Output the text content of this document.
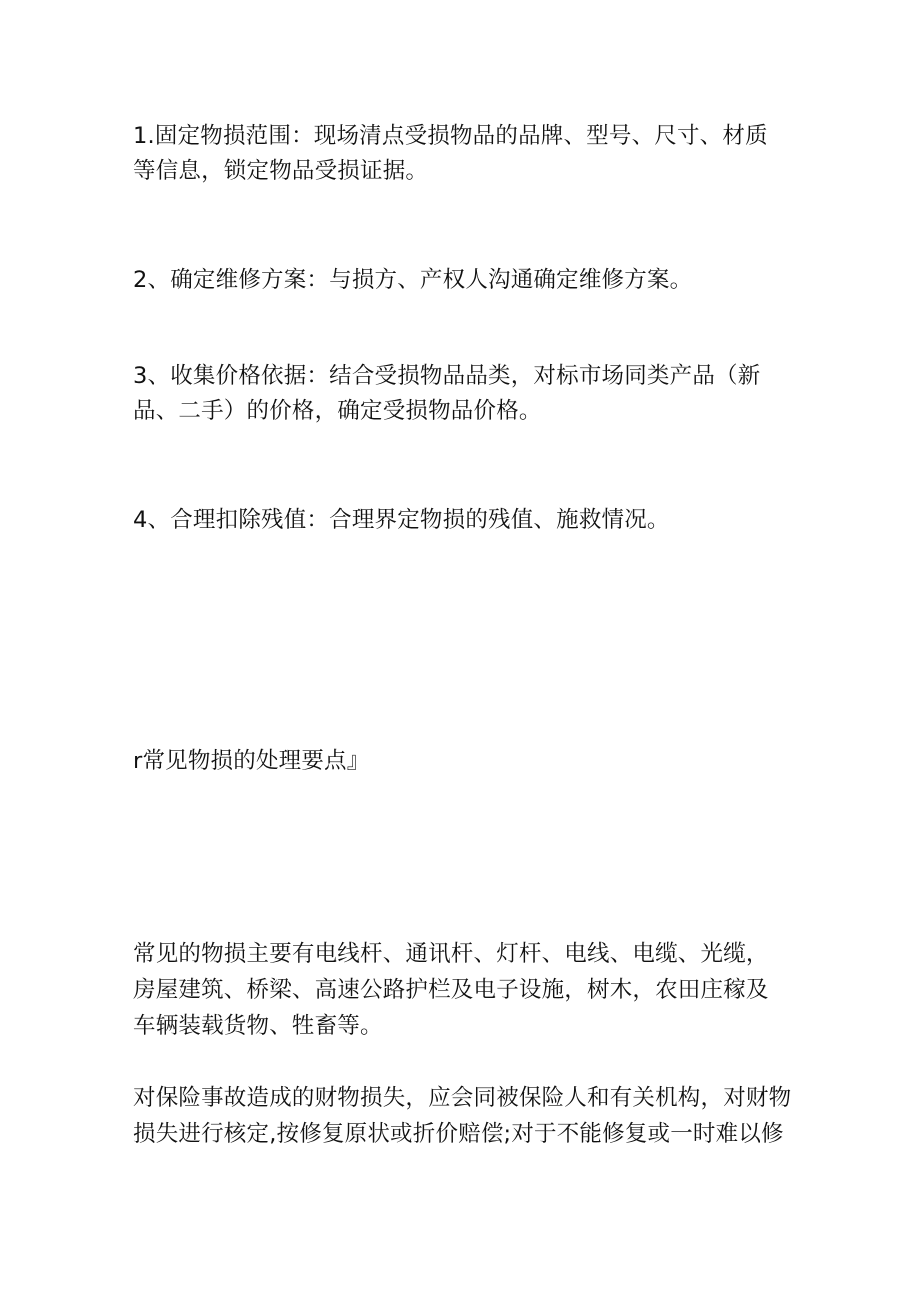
1.固定物损范围：现场清点受损物品的品牌、型号、尺寸、材质
等信息，锁定物品受损证据。

2、确定维修方案：与损方、产权人沟通确定维修方案。

3、收集价格依据：结合受损物品品类，对标市场同类产品（新
品、二手）的价格，确定受损物品价格。

4、合理扣除残值：合理界定物损的残值、施救情况。

r常见物损的处理要点』

常见的物损主要有电线杆、通讯杆、灯杆、电线、电缆、光缆，
房屋建筑、桥梁、高速公路护栏及电子设施，树木，农田庄稼及
车辆装载货物、牲畜等。

对保险事故造成的财物损失，应会同被保险人和有关机构，对财物
损失进行核定,按修复原状或折价赔偿;对于不能修复或一时难以修
